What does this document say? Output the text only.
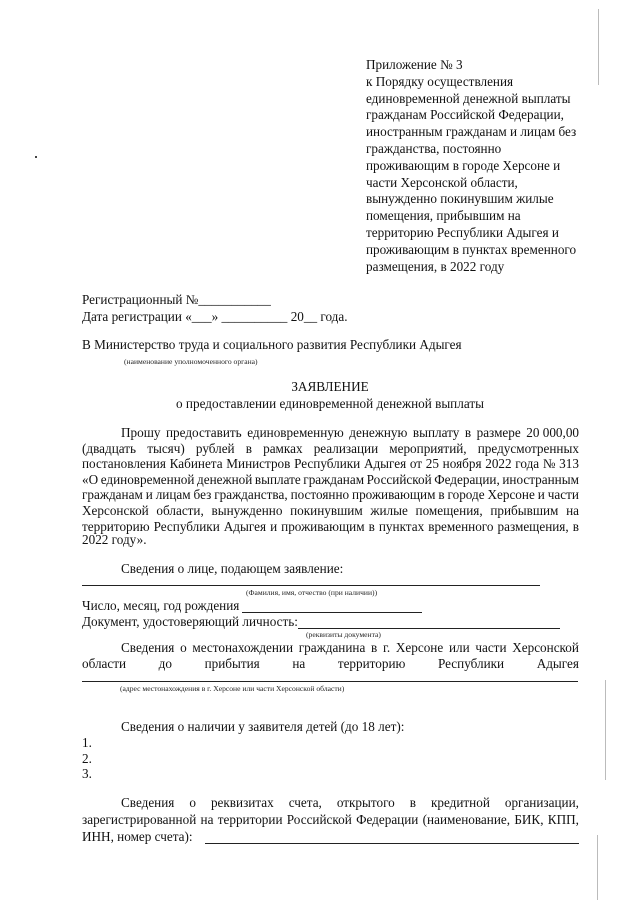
Приложение № 3
к Порядку осуществления
единовременной денежной выплаты
гражданам Российской Федерации,
иностранным гражданам и лицам без
гражданства, постоянно
проживающим в городе Херсоне и
части Херсонской области,
вынужденно покинувшим жилые
помещения, прибывшим на
территорию Республики Адыгея и
проживающим в пунктах временного
размещения, в 2022 году
Регистрационный №___________
Дата регистрации «___» __________ 20__ года.
В Министерство труда и социального развития Республики Адыгея
(наименование уполномоченного органа)
ЗАЯВЛЕНИЕ
о предоставлении единовременной денежной выплаты
Прошу предоставить единовременную денежную выплату в размере 20 000,00
(двадцать тысяч) рублей в рамках реализации мероприятий, предусмотренных
постановления Кабинета Министров Республики Адыгея от 25 ноября 2022 года № 313
«О единовременной денежной выплате гражданам Российской Федерации, иностранным
гражданам и лицам без гражданства, постоянно проживающим в городе Херсоне и части
Херсонской области, вынужденно покинувшим жилые помещения, прибывшим на
территорию Республики Адыгея и проживающим в пунктах временного размещения, в
2022 году».
Сведения о лице, подающем заявление:
(Фамилия, имя, отчество (при наличии))
Число, месяц, год рождения
Документ, удостоверяющий личность:
(реквизиты документа)
Сведения о местонахождении гражданина в г. Херсоне или части Херсонской
области до прибытия на территорию Республики Адыгея
(адрес местонахождения в г. Херсоне или части Херсонской области)
Сведения о наличии у заявителя детей (до 18 лет):
1.
2.
3.
Сведения о реквизитах счета, открытого в кредитной организации,
зарегистрированной на территории Российской Федерации (наименование, БИК, КПП,
ИНН, номер счета):
